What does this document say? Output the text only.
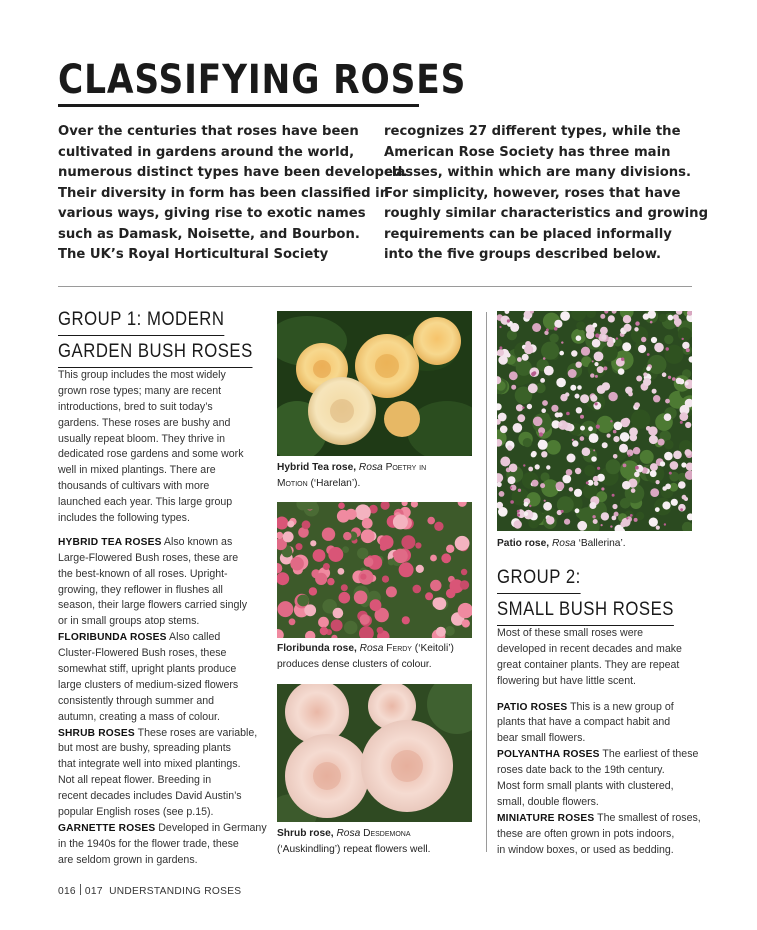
CLASSIFYING ROSES
Over the centuries that roses have been
cultivated in gardens around the world,
numerous distinct types have been developed.
Their diversity in form has been classified in
various ways, giving rise to exotic names
such as Damask, Noisette, and Bourbon.
The UK’s Royal Horticultural Society
recognizes 27 different types, while the
American Rose Society has three main
classes, within which are many divisions.
For simplicity, however, roses that have
roughly similar characteristics and growing
requirements can be placed informally
into the five groups described below.
GROUP 1: MODERN
GARDEN BUSH ROSES
This group includes the most widely
grown rose types; many are recent
introductions, bred to suit today’s
gardens. These roses are bushy and
usually repeat bloom. They thrive in
dedicated rose gardens and some work
well in mixed plantings. There are
thousands of cultivars with more
launched each year. This large group
includes the following types.
HYBRID TEA ROSES Also known as
Large-Flowered Bush roses, these are
the best-known of all roses. Upright-
growing, they reflower in flushes all
season, their large flowers carried singly
or in small groups atop stems.
FLORIBUNDA ROSES Also called
Cluster-Flowered Bush roses, these
somewhat stiff, upright plants produce
large clusters of medium-sized flowers
consistently through summer and
autumn, creating a mass of colour.
SHRUB ROSES These roses are variable,
but most are bushy, spreading plants
that integrate well into mixed plantings.
Not all repeat flower. Breeding in
recent decades includes David Austin’s
popular English roses (see p.15).
GARNETTE ROSES Developed in Germany
in the 1940s for the flower trade, these
are seldom grown in gardens.
Hybrid Tea rose, Rosa Poetry in
Motion (‘Harelan’).
Floribunda rose, Rosa Ferdy (‘Keitoli’)
produces dense clusters of colour.
Shrub rose, Rosa Desdemona
(‘Auskindling’) repeat flowers well.
Patio rose, Rosa ‘Ballerina’.
GROUP 2:
SMALL BUSH ROSES
Most of these small roses were
developed in recent decades and make
great container plants. They are repeat
flowering but have little scent.
PATIO ROSES This is a new group of
plants that have a compact habit and
bear small flowers.
POLYANTHA ROSES The earliest of these
roses date back to the 19th century.
Most form small plants with clustered,
small, double flowers.
MINIATURE ROSES The smallest of roses,
these are often grown in pots indoors,
in window boxes, or used as bedding.
016 017 UNDERSTANDING ROSES
